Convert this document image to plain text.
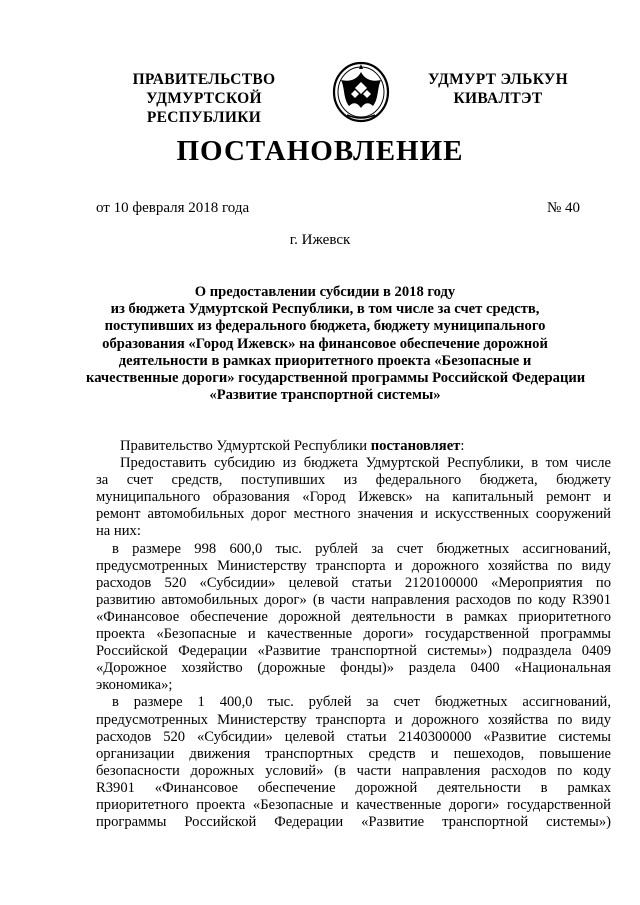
ПРАВИТЕЛЬСТВО
УДМУРТСКОЙ РЕСПУБЛИКИ
УДМУРТ ЭЛЬКУН
КИВАЛТЭТ
ПОСТАНОВЛЕНИЕ
от 10 февраля 2018 года	№ 40
г. Ижевск
О предоставлении субсидии в 2018 году
из бюджета Удмуртской Республики, в том числе за счет средств,
поступивших из федерального бюджета, бюджету муниципального
образования «Город Ижевск» на финансовое обеспечение дорожной
деятельности в рамках приоритетного проекта «Безопасные и
качественные дороги» государственной программы Российской Федерации
«Развитие транспортной системы»

Правительство Удмуртской Республики постановляет:

Предоставить субсидию из бюджета Удмуртской Республики, в том числе

за счет средств, поступивших из федерального бюджета, бюджету

муниципального образования «Город Ижевск» на капитальный ремонт и

ремонт автомобильных дорог местного значения и искусственных сооружений

на них:

в размере 998 600,0 тыс. рублей за счет бюджетных ассигнований,

предусмотренных Министерству транспорта и дорожного хозяйства по виду

расходов 520 «Субсидии» целевой статьи 2120100000 «Мероприятия по

развитию автомобильных дорог» (в части направления расходов по коду R3901

«Финансовое обеспечение дорожной деятельности в рамках приоритетного

проекта «Безопасные и качественные дороги» государственной программы

Российской Федерации «Развитие транспортной системы») подраздела 0409

«Дорожное хозяйство (дорожные фонды)» раздела 0400 «Национальная

экономика»;

в размере 1 400,0 тыс. рублей за счет бюджетных ассигнований,

предусмотренных Министерству транспорта и дорожного хозяйства по виду

расходов 520 «Субсидии» целевой статьи 2140300000 «Развитие системы

организации движения транспортных средств и пешеходов, повышение

безопасности дорожных условий» (в части направления расходов по коду

R3901 «Финансовое обеспечение дорожной деятельности в рамках

приоритетного проекта «Безопасные и качественные дороги» государственной

программы Российской Федерации «Развитие транспортной системы»)
